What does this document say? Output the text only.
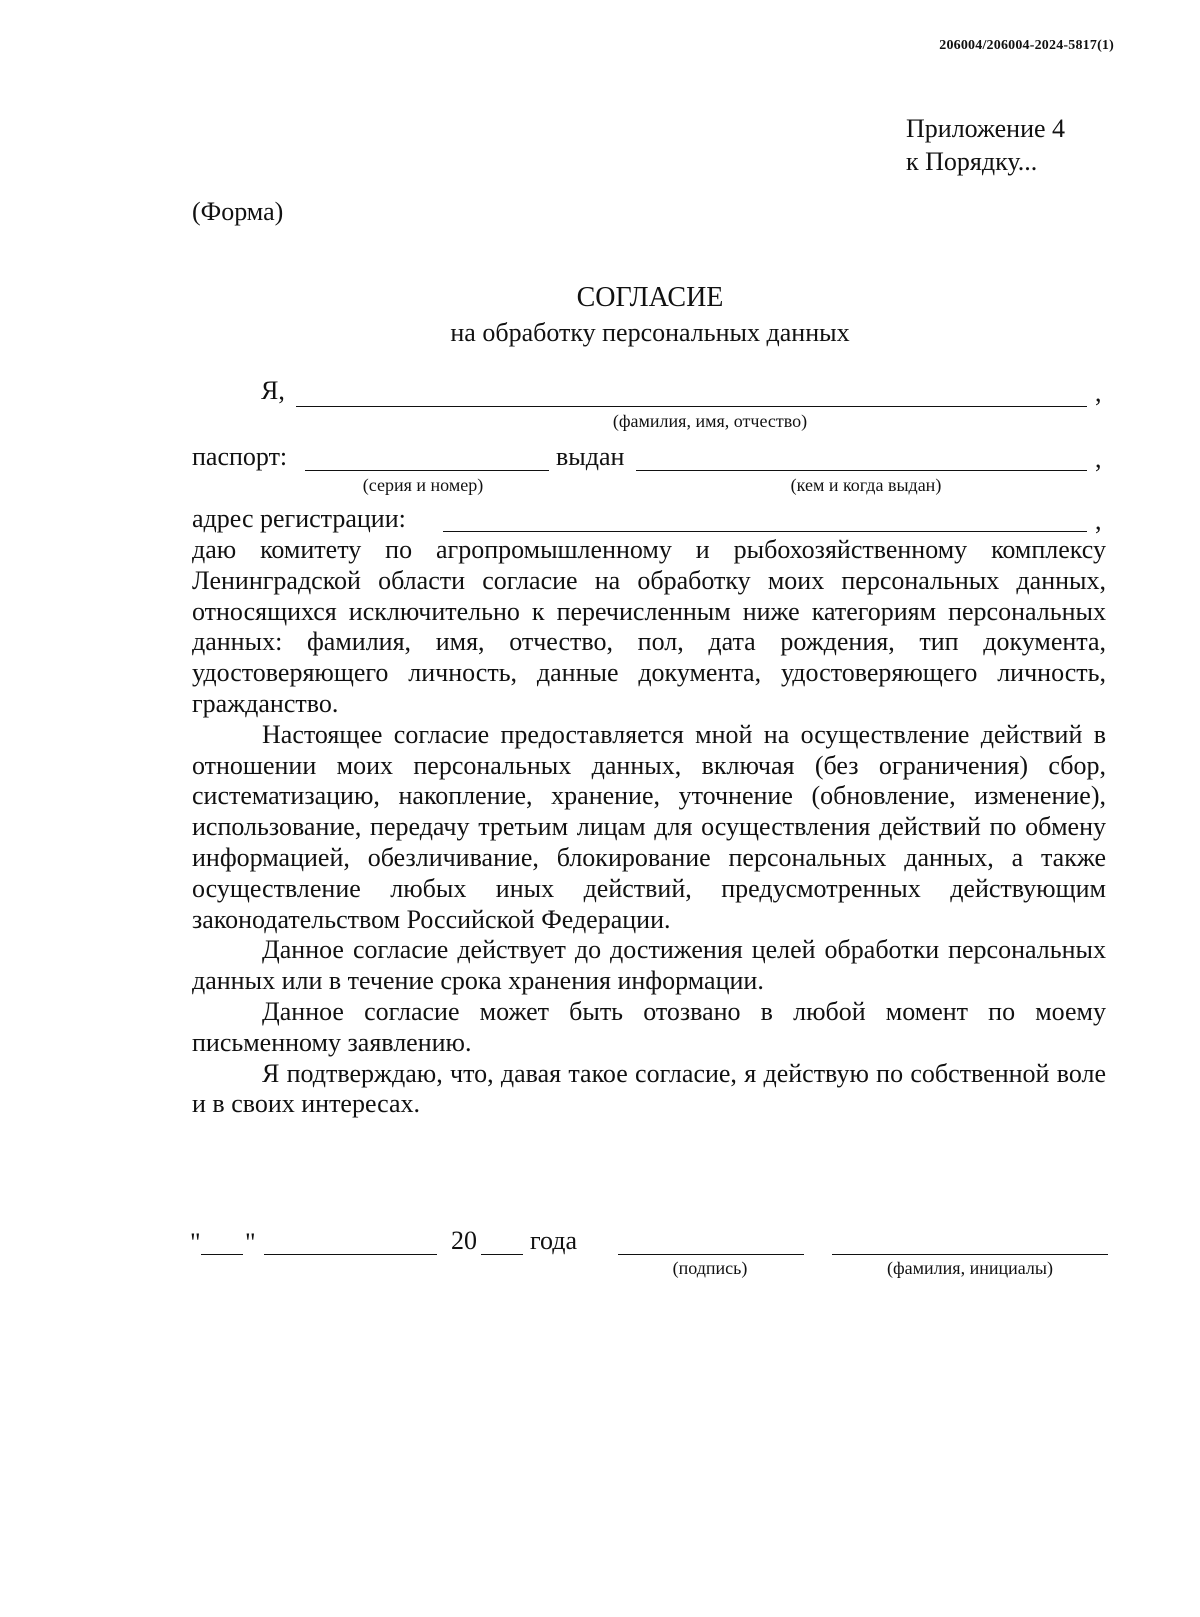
206004/206004-2024-5817(1)
Приложение 4
к Порядку...
(Форма)
СОГЛАСИЕ
на обработку персональных данных
Я,	,
(фамилия, имя, отчество)
паспорт:	выдан	,
(серия и номер)	(кем и когда выдан)
адрес регистрации:	,

даю комитету по агропромышленному и рыбохозяйственному комплексу Ленинградской области согласие на обработку моих персональных данных, относящихся исключительно к перечисленным ниже категориям персональных данных: фамилия, имя, отчество, пол, дата рождения, тип документа, удостоверяющего личность, данные документа, удостоверяющего личность, гражданство.

Настоящее согласие предоставляется мной на осуществление действий в отношении моих персональных данных, включая (без ограничения) сбор, систематизацию, накопление, хранение, уточнение (обновление, изменение), использование, передачу третьим лицам для осуществления действий по обмену информацией, обезличивание, блокирование персональных данных, а также осуществление любых иных действий, предусмотренных действующим законодательством Российской Федерации.

Данное согласие действует до достижения целей обработки персональных данных или в течение срока хранения информации.

Данное согласие может быть отозвано в любой момент по моему письменному заявлению.

Я подтверждаю, что, давая такое согласие, я действую по собственной воле и в своих интересах.

" "	20 года
(подпись)	(фамилия, инициалы)
